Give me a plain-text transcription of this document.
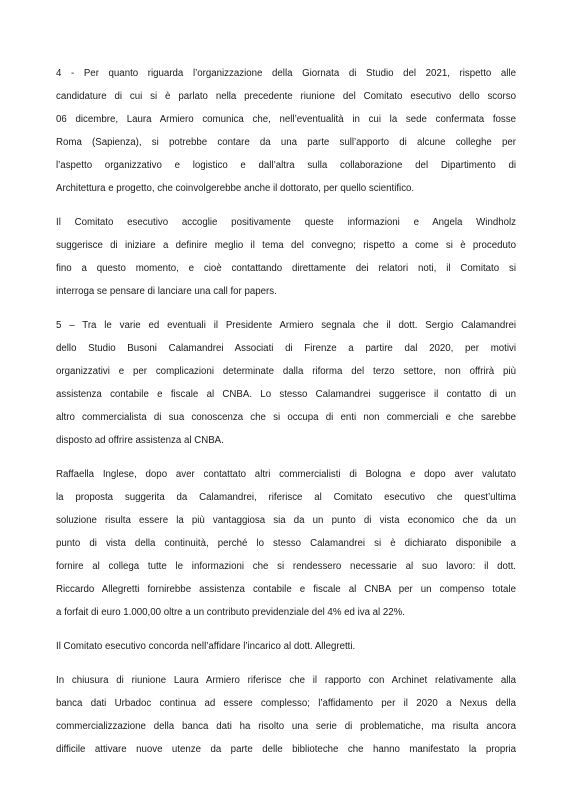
4 - Per quanto riguarda l’organizzazione della Giornata di Studio del 2021, rispetto alle
candidature di cui si è parlato nella precedente riunione del Comitato esecutivo dello scorso
06 dicembre, Laura Armiero comunica che, nell’eventualità in cui la sede confermata fosse
Roma (Sapienza), si potrebbe contare da una parte sull’apporto di alcune colleghe per
l’aspetto organizzativo e logistico e dall’altra sulla collaborazione del Dipartimento di
Architettura e progetto, che coinvolgerebbe anche il dottorato, per quello scientifico.
Il Comitato esecutivo accoglie positivamente queste informazioni e Angela Windholz
suggerisce di iniziare a definire meglio il tema del convegno; rispetto a come si è proceduto
fino a questo momento, e cioè contattando direttamente dei relatori noti, il Comitato si
interroga se pensare di lanciare una call for papers.
5 – Tra le varie ed eventuali il Presidente Armiero segnala che il dott. Sergio Calamandrei
dello Studio Busoni Calamandrei Associati di Firenze a partire dal 2020, per motivi
organizzativi e per complicazioni determinate dalla riforma del terzo settore, non offrirà più
assistenza contabile e fiscale al CNBA. Lo stesso Calamandrei suggerisce il contatto di un
altro commercialista di sua conoscenza che si occupa di enti non commerciali e che sarebbe
disposto ad offrire assistenza al CNBA.
Raffaella Inglese, dopo aver contattato altri commercialisti di Bologna e dopo aver valutato
la proposta suggerita da Calamandrei, riferisce al Comitato esecutivo che quest’ultima
soluzione risulta essere la più vantaggiosa sia da un punto di vista economico che da un
punto di vista della continuità, perché lo stesso Calamandrei si è dichiarato disponibile a
fornire al collega tutte le informazioni che si rendessero necessarie al suo lavoro: il dott.
Riccardo Allegretti fornirebbe assistenza contabile e fiscale al CNBA per un compenso totale
a forfait di euro 1.000,00 oltre a un contributo previdenziale del 4% ed iva al 22%.
Il Comitato esecutivo concorda nell’affidare l’incarico al dott. Allegretti.
In chiusura di riunione Laura Armiero riferisce che il rapporto con Archinet relativamente alla
banca dati Urbadoc continua ad essere complesso; l’affidamento per il 2020 a Nexus della
commercializzazione della banca dati ha risolto una serie di problematiche, ma risulta ancora
difficile attivare nuove utenze da parte delle biblioteche che hanno manifestato la propria
